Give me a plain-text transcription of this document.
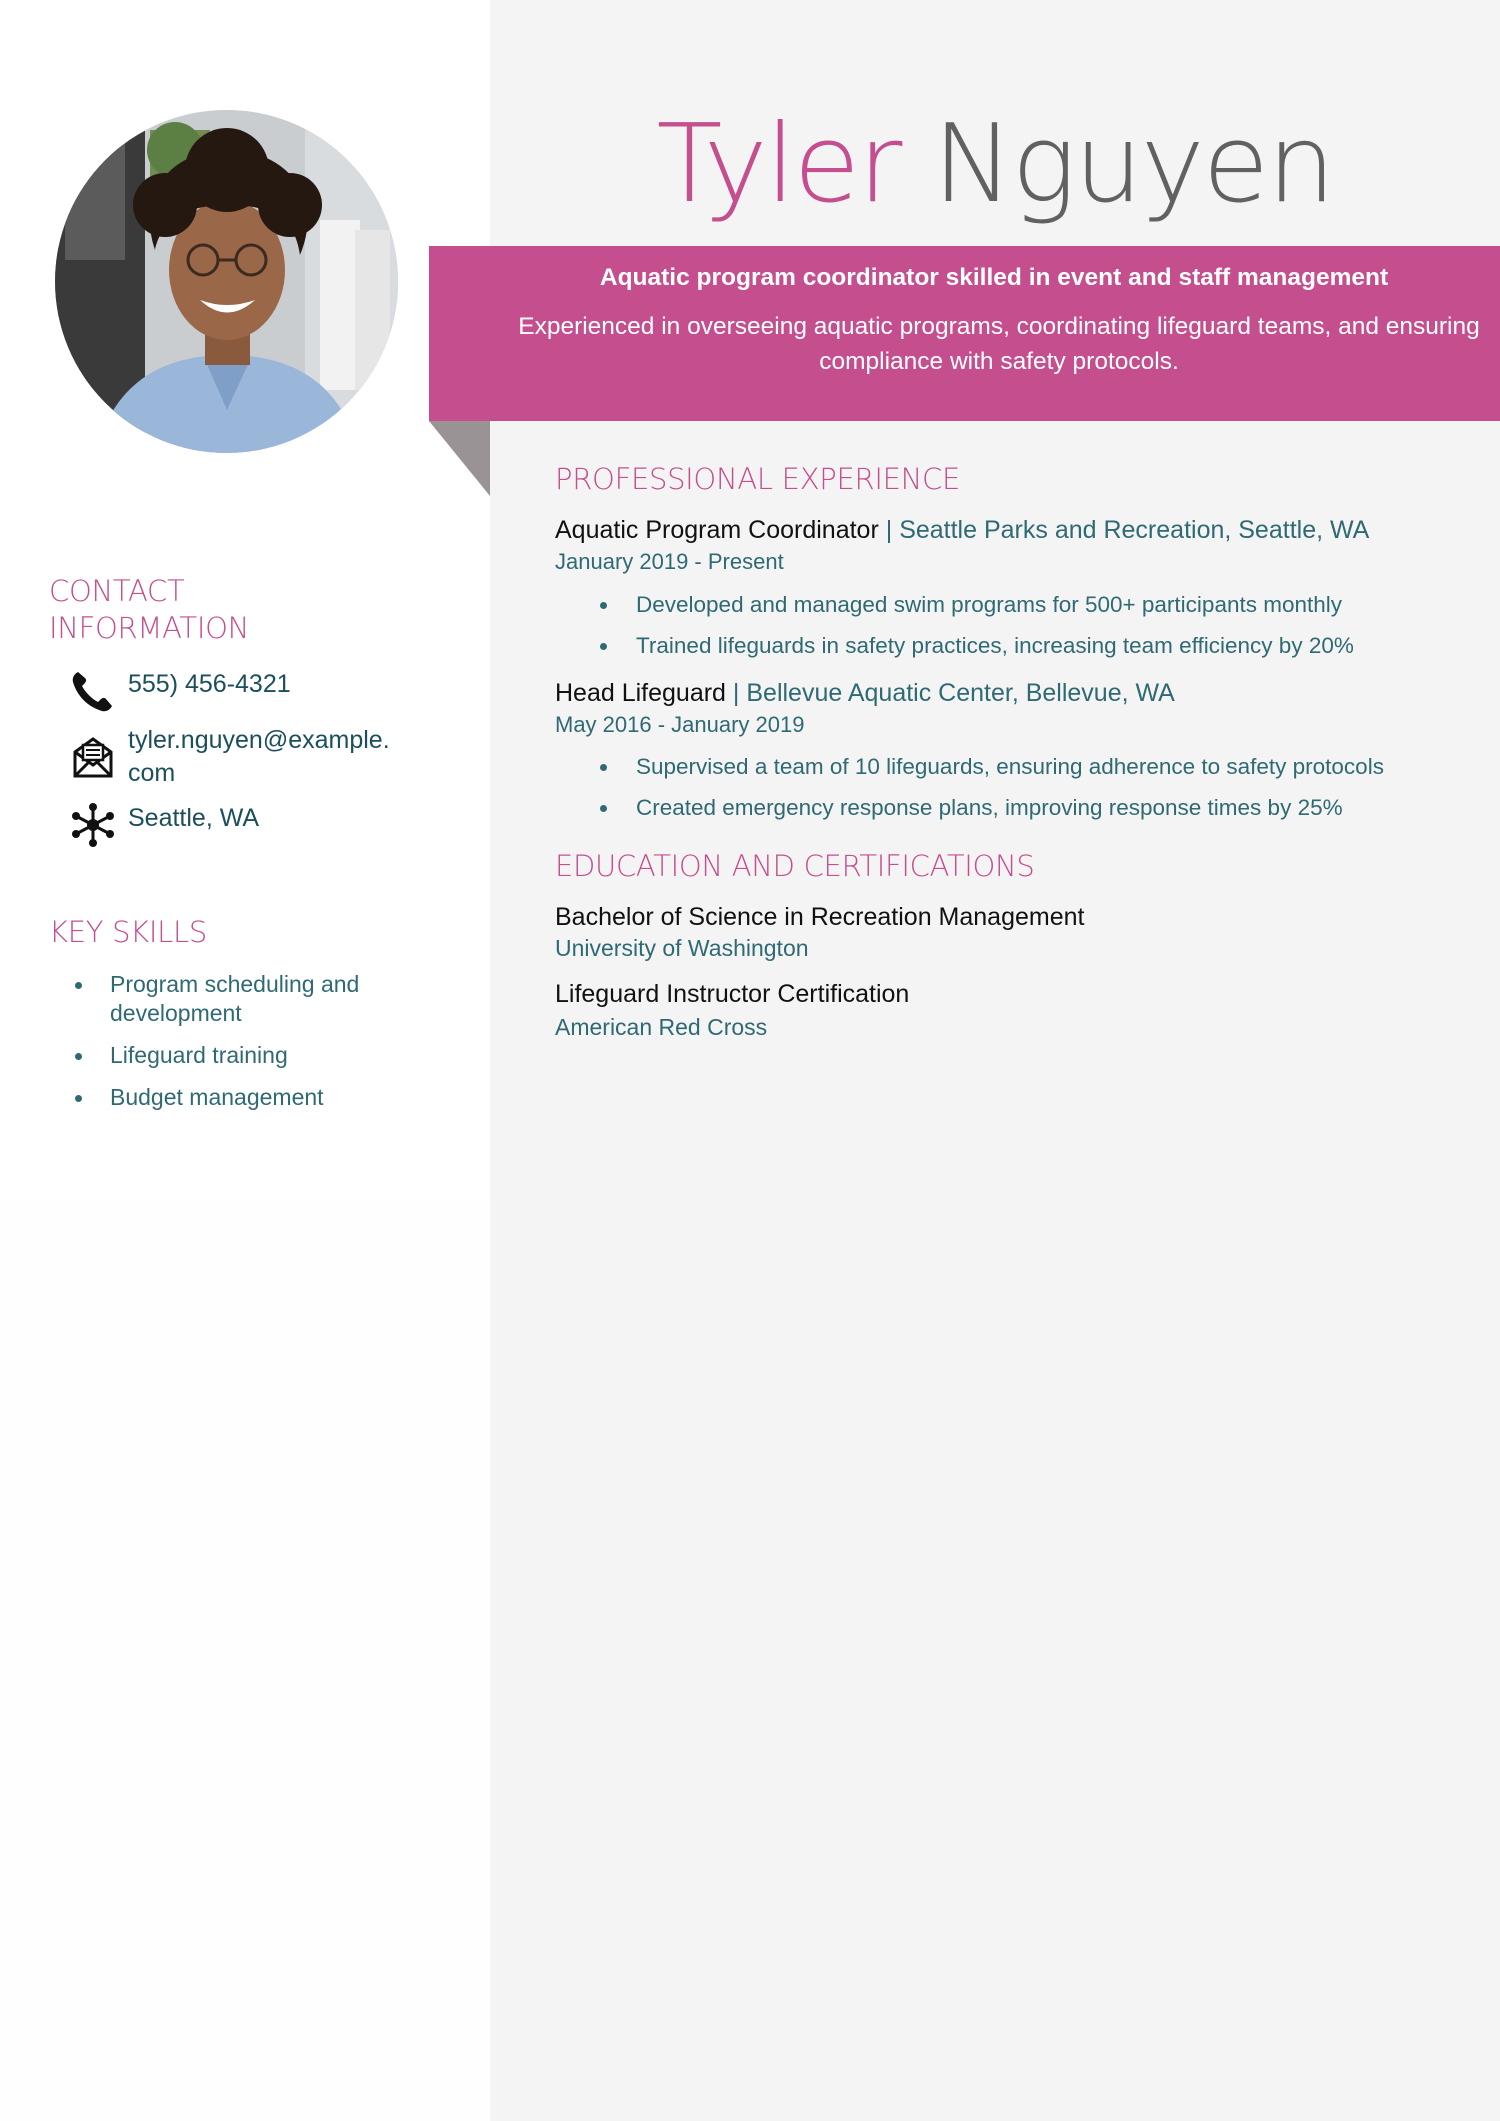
Tyler Nguyen
Aquatic program coordinator skilled in event and staff management
Experienced in overseeing aquatic programs, coordinating lifeguard teams, and ensuring compliance with safety protocols.
CONTACT INFORMATION
555) 456-4321
tyler.nguyen@example.com
Seattle, WA
KEY SKILLS
Program scheduling and development
Lifeguard training
Budget management
PROFESSIONAL EXPERIENCE
Aquatic Program Coordinator | Seattle Parks and Recreation, Seattle, WA
January 2019 - Present
Developed and managed swim programs for 500+ participants monthly
Trained lifeguards in safety practices, increasing team efficiency by 20%
Head Lifeguard | Bellevue Aquatic Center, Bellevue, WA
May 2016 - January 2019
Supervised a team of 10 lifeguards, ensuring adherence to safety protocols
Created emergency response plans, improving response times by 25%
EDUCATION AND CERTIFICATIONS
Bachelor of Science in Recreation Management
University of Washington
Lifeguard Instructor Certification
American Red Cross
